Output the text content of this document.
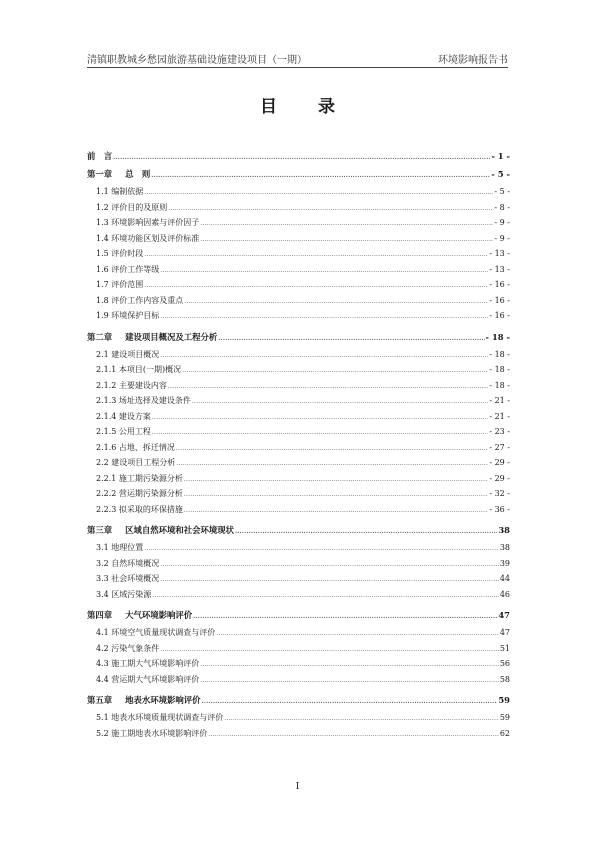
清镇职教城乡愁园旅游基础设施建设项目（一期）	环境影响报告书
目　录
前　言 .....	- 1 -
第一章 总　则 .....	- 5 -
1.1 编制依据 .....	- 5 -
1.2 评价目的及原则 .....	- 8 -
1.3 环境影响因素与评价因子 .....	- 9 -
1.4 环境功能区划及评价标准 .....	- 9 -
1.5 评价时段 .....	- 13 -
1.6 评价工作等级 .....	- 13 -
1.7 评价范围 .....	- 16 -
1.8 评价工作内容及重点 .....	- 16 -
1.9 环境保护目标 .....	- 16 -
第二章 建设项目概况及工程分析 .....	- 18 -
2.1 建设项目概况 .....	- 18 -
2.1.1 本项目(一期)概况 .....	- 18 -
2.1.2 主要建设内容 .....	- 18 -
2.1.3 场址选择及建设条件 .....	- 21 -
2.1.4 建设方案 .....	- 21 -
2.1.5 公用工程 .....	- 23 -
2.1.6 占地、拆迁情况 .....	- 27 -
2.2 建设项目工程分析 .....	- 29 -
2.2.1 施工期污染源分析 .....	- 29 -
2.2.2 营运期污染源分析 .....	- 32 -
2.2.3 拟采取的环保措施 .....	- 36 -
第三章 区域自然环境和社会环境现状 .....	38
3.1 地理位置 .....	38
3.2 自然环境概况 .....	39
3.3 社会环境概况 .....	44
3.4 区域污染源 .....	46
第四章 大气环境影响评价 .....	47
4.1 环境空气质量现状调查与评价 .....	47
4.2 污染气象条件 .....	51
4.3 施工期大气环境影响评价 .....	56
4.4 营运期大气环境影响评价 .....	58
第五章 地表水环境影响评价 .....	59
5.1 地表水环境质量现状调查与评价 .....	59
5.2 施工期地表水环境影响评价 .....	62
I
